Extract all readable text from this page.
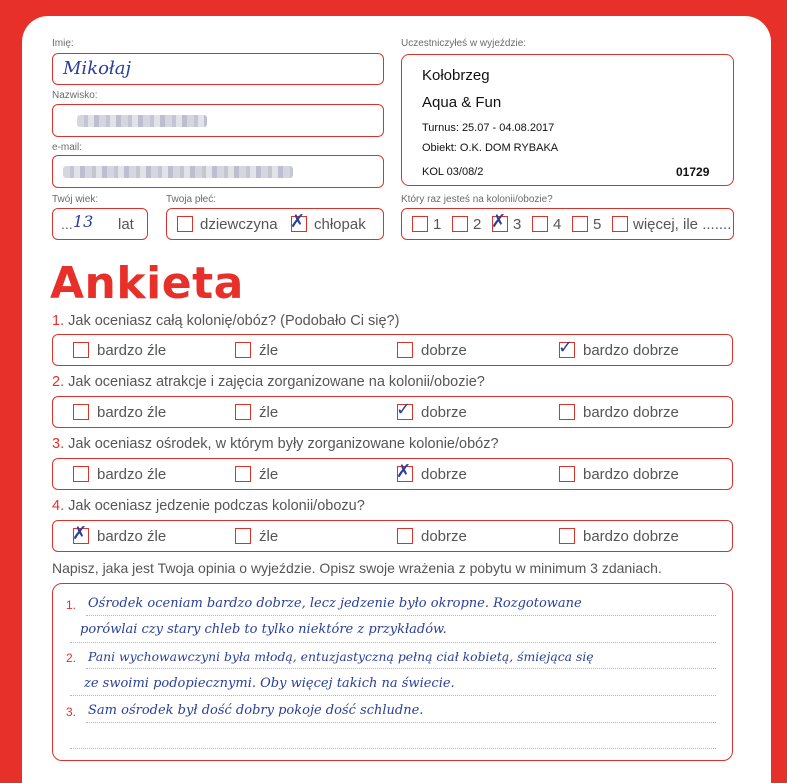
Imię:
Mikołaj
Nazwisko:
e-mail:
Twój wiek:
... 13 lat
Twoja płeć:
dziewczyna ✗ chłopak
Uczestniczyłeś w wyjeździe:
Kołobrzeg
Aqua & Fun
Turnus: 25.07 - 04.08.2017
Obiekt: O.K. DOM RYBAKA
KOL 03/08/2	01729
Który raz jesteś na kolonii/obozie?
1 2 ✗ 3 4 5 więcej, ile .......
Ankieta
1. Jak oceniasz całą kolonię/obóz? (Podobało Ci się?)
bardzo źle	źle	dobrze	✓ bardzo dobrze
2. Jak oceniasz atrakcje i zajęcia zorganizowane na kolonii/obozie?
bardzo źle	źle	✓ dobrze	bardzo dobrze
3. Jak oceniasz ośrodek, w którym były zorganizowane kolonie/obóz?
bardzo źle	źle	✗ dobrze	bardzo dobrze
4. Jak oceniasz jedzenie podczas kolonii/obozu?
✗ bardzo źle	źle	dobrze	bardzo dobrze
Napisz, jaka jest Twoja opinia o wyjeździe. Opisz swoje wrażenia z pobytu w minimum 3 zdaniach.
1.
2.
3.
Ośrodek oceniam bardzo dobrze, lecz jedzenie było okropne. Rozgotowane
porówlai czy stary chleb to tylko niektóre z przykładów.
Pani wychowawczyni była młodą, entuzjastyczną pełną ciał kobietą, śmiejąca się
ze swoimi podopiecznymi. Oby więcej takich na świecie.
Sam ośrodek był dość dobry pokoje dość schludne.
